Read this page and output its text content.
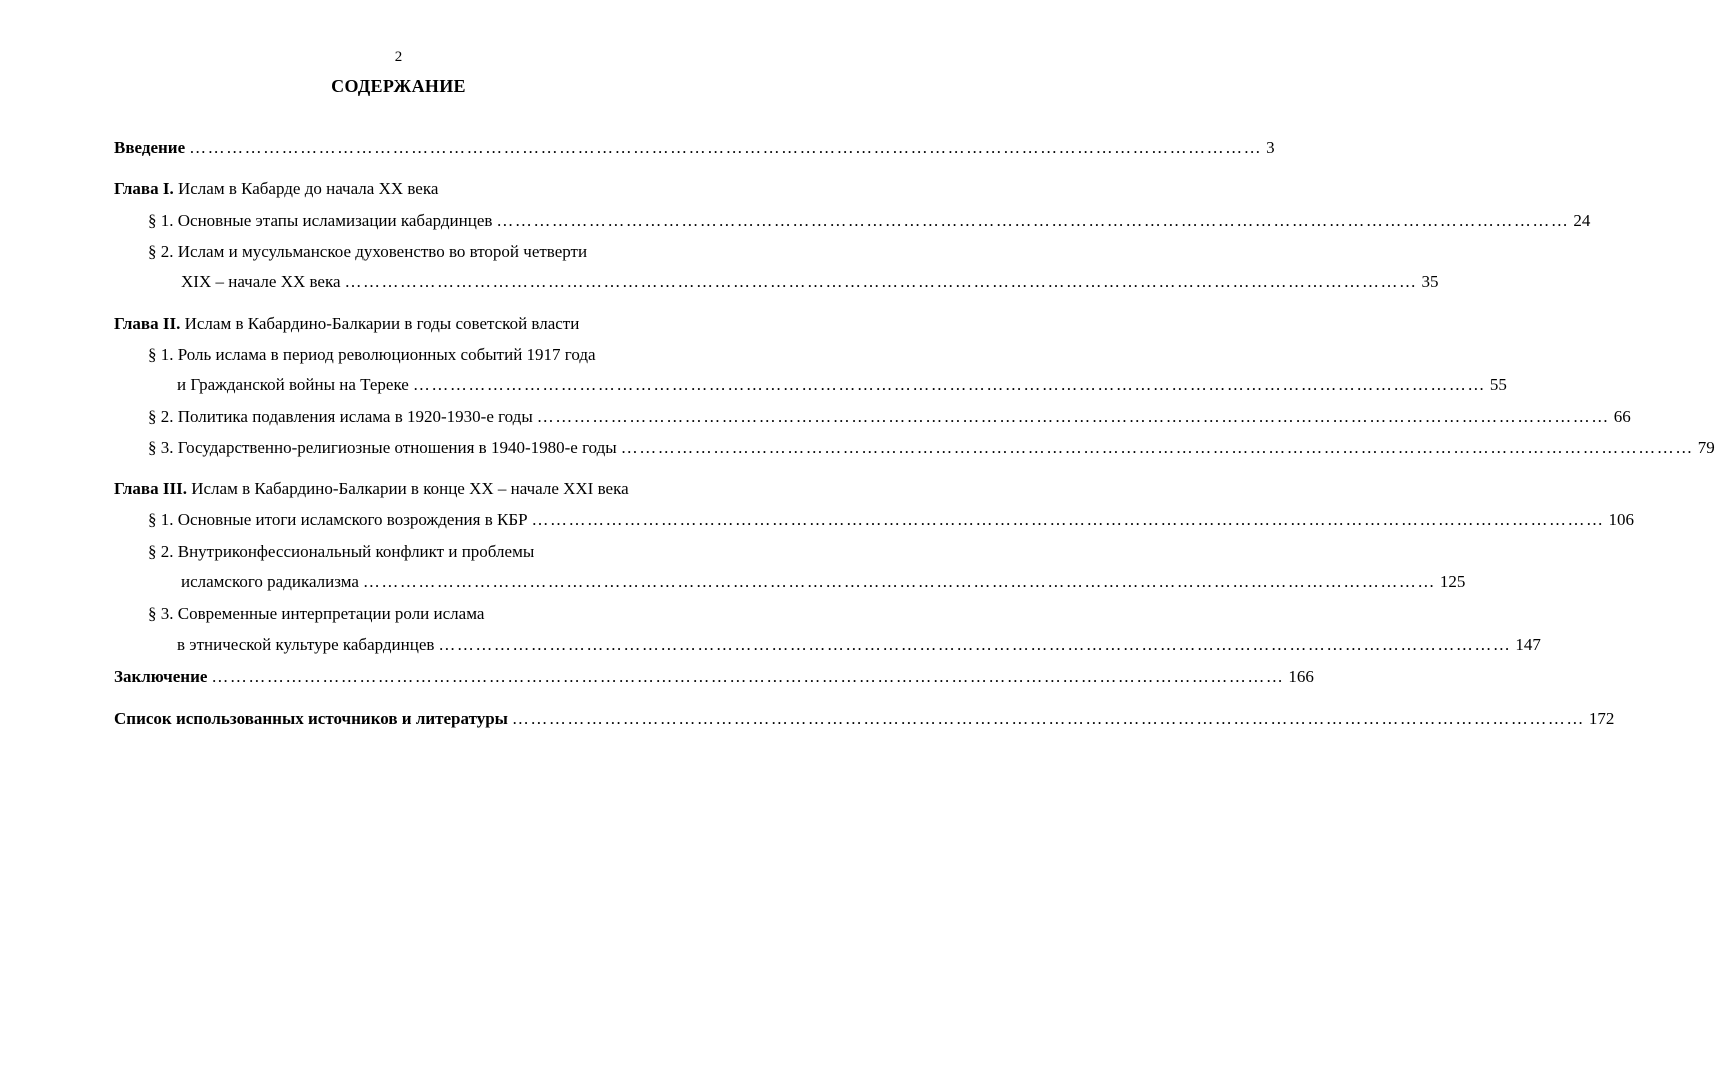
2
СОДЕРЖАНИЕ
Введение ………………………………………………………………………………………………………………………………………………………… 3
Глава I. Ислам в Кабарде до начала XX века
§ 1. Основные этапы исламизации кабардинцев ………………………………………………………………………………………………………………………………………………………… 24
§ 2. Ислам и мусульманское духовенство во второй четверти
XIX – начале XX века ………………………………………………………………………………………………………………………………………………………… 35
Глава II. Ислам в Кабардино-Балкарии в годы советской власти
§ 1. Роль ислама в период революционных событий 1917 года
и Гражданской войны на Тереке ………………………………………………………………………………………………………………………………………………………… 55
§ 2. Политика подавления ислама в 1920-1930-е годы ………………………………………………………………………………………………………………………………………………………… 66
§ 3. Государственно-религиозные отношения в 1940-1980-е годы ………………………………………………………………………………………………………………………………………………………… 79
Глава III. Ислам в Кабардино-Балкарии в конце XX – начале XXI века
§ 1. Основные итоги исламского возрождения в КБР ………………………………………………………………………………………………………………………………………………………… 106
§ 2. Внутриконфессиональный конфликт и проблемы
исламского радикализма ………………………………………………………………………………………………………………………………………………………… 125
§ 3. Современные интерпретации роли ислама
в этнической культуре кабардинцев ………………………………………………………………………………………………………………………………………………………… 147
Заключение ………………………………………………………………………………………………………………………………………………………… 166
Список использованных источников и литературы ………………………………………………………………………………………………………………………………………………………… 172
